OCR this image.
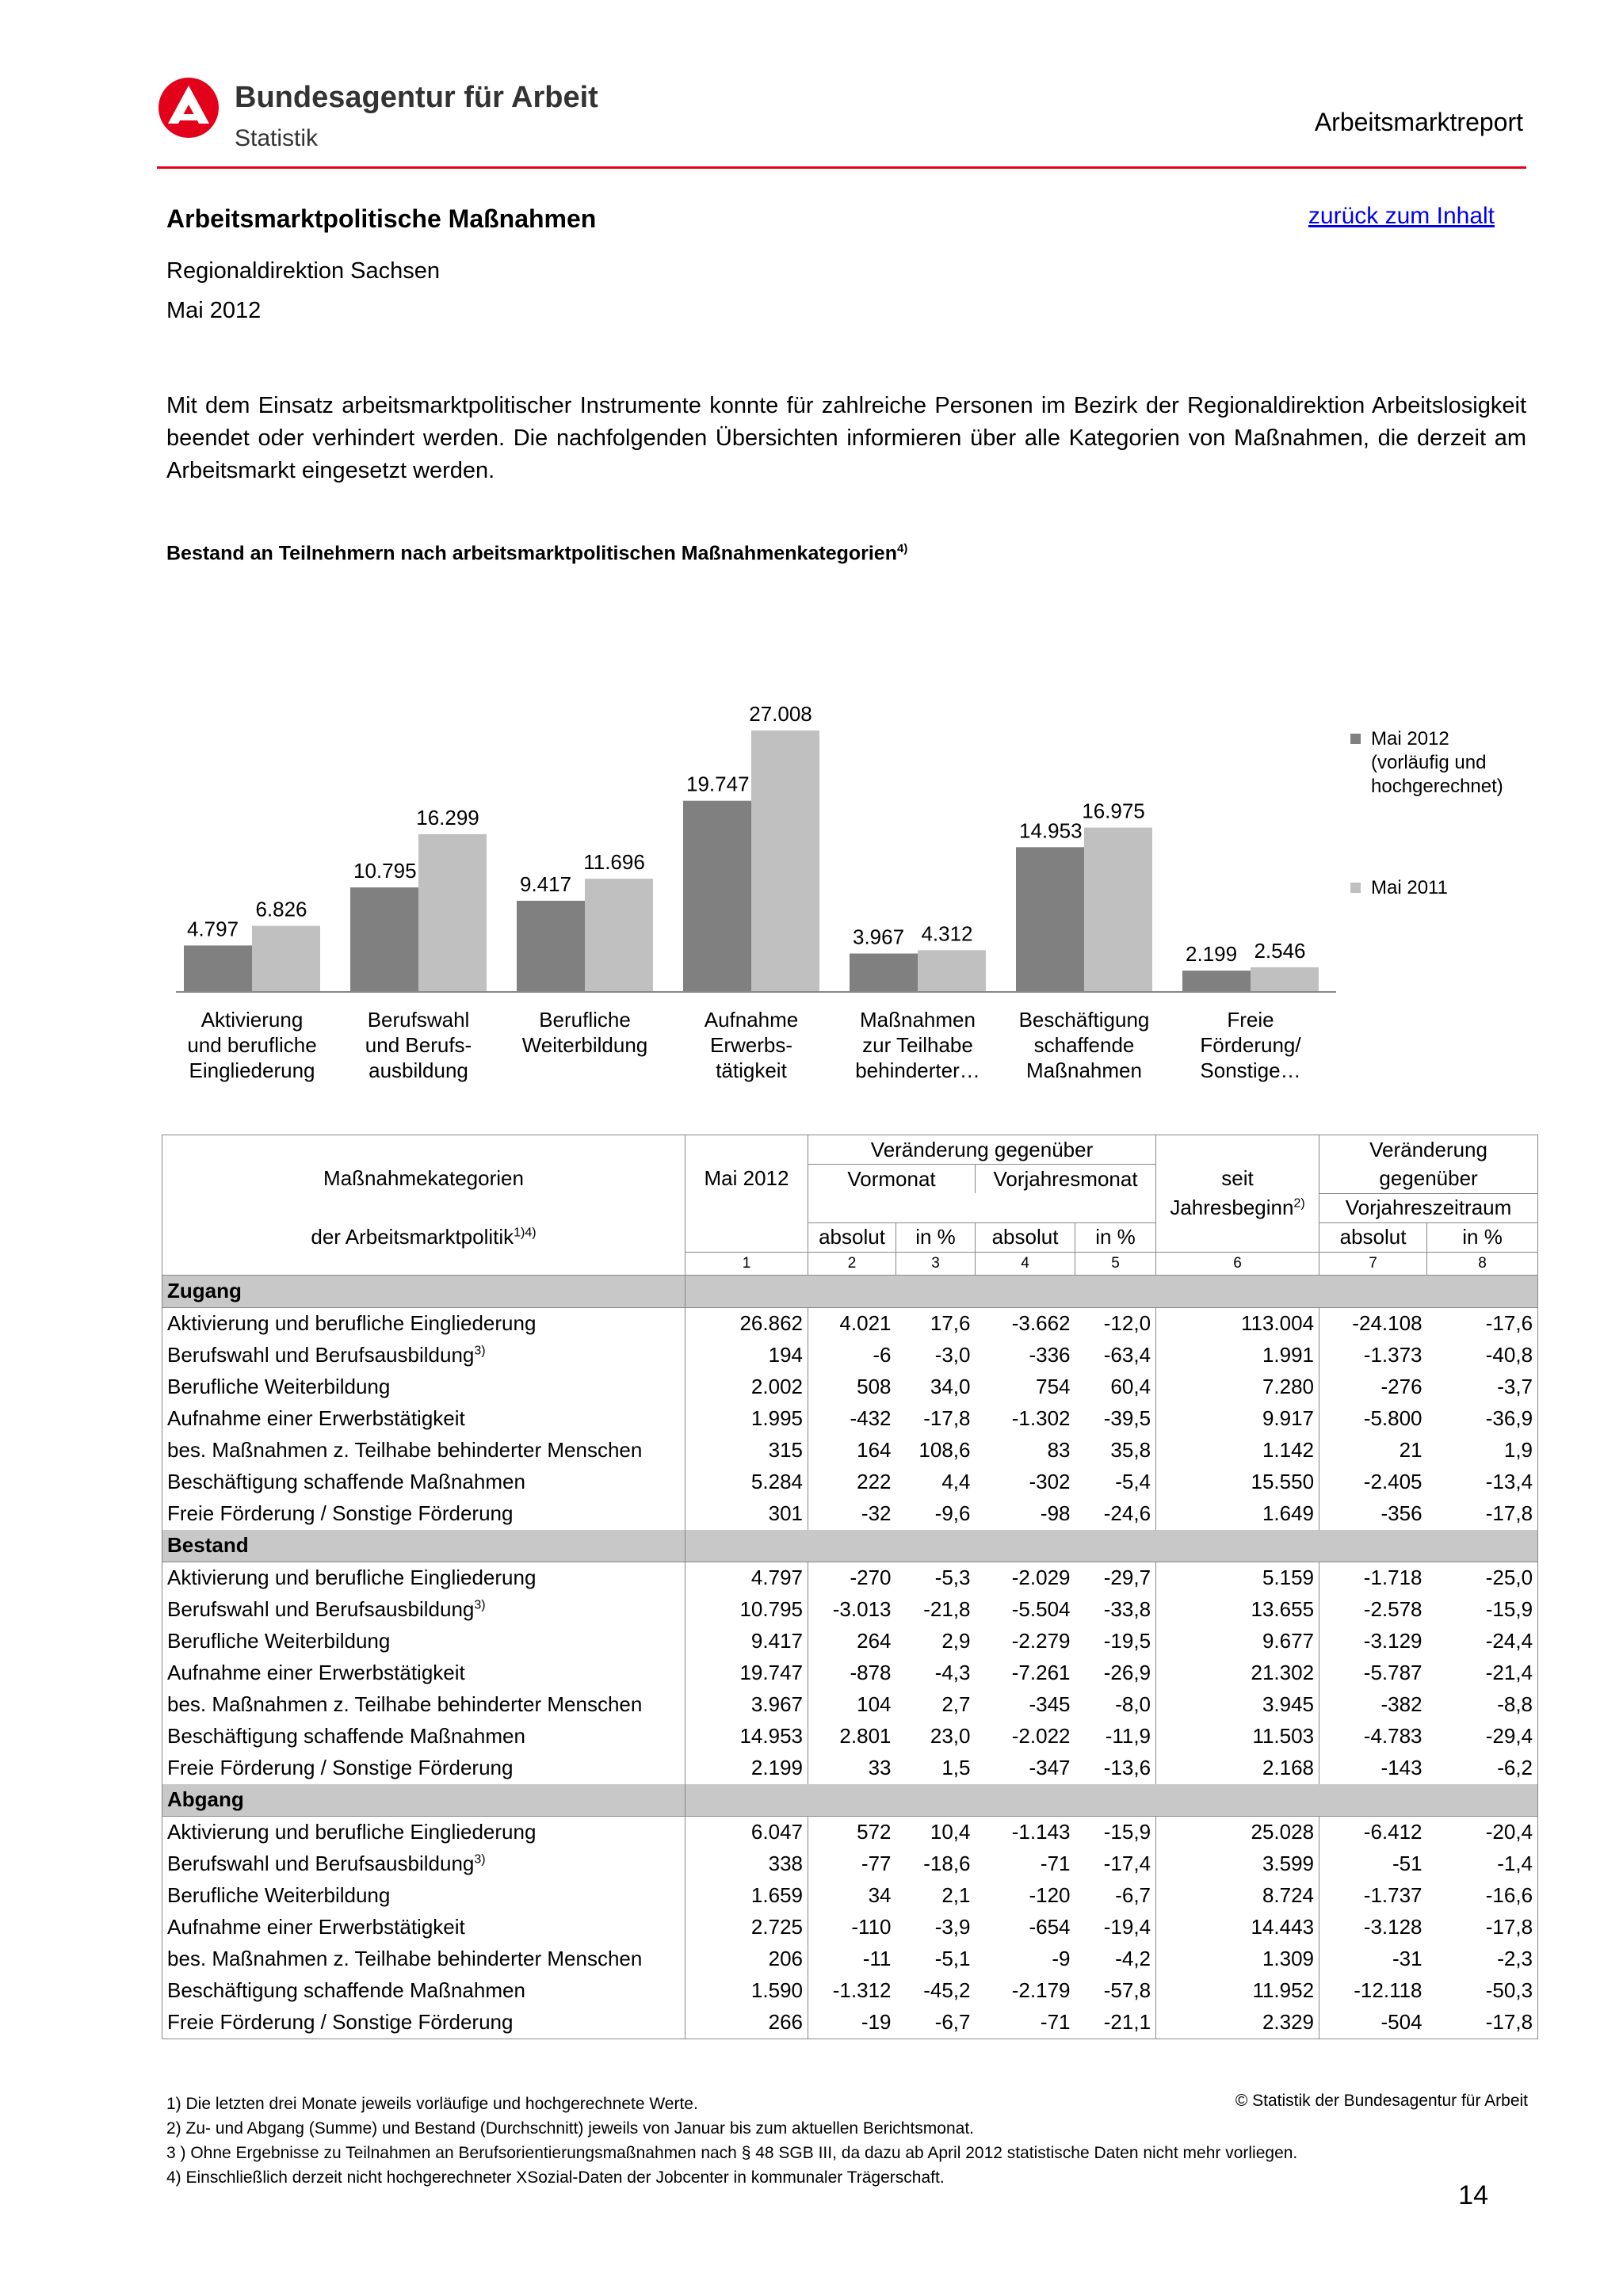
Bundesagentur für Arbeit
Statistik
Arbeitsmarktreport
Arbeitsmarktpolitische Maßnahmen	zurück zum Inhalt
Regionaldirektion Sachsen
Mai 2012
Mit dem Einsatz arbeitsmarktpolitischer Instrumente konnte für zahlreiche Personen im Bezirk der Regionaldirektion Arbeitslosigkeit beendet oder verhindert werden. Die nachfolgenden Übersichten informieren über alle Kategorien von Maßnahmen, die derzeit am Arbeitsmarkt eingesetzt werden.
Bestand an Teilnehmern nach arbeitsmarktpolitischen Maßnahmenkategorien$^{4)}$
4.797
10.795
9.417
19.747
3.967
14.953
2.199
6.826
16.299
11.696
27.008
4.312
16.975
2.546
Aktivierung
und berufliche
Eingliederung
Berufswahl
und Berufs-
ausbildung
Berufliche
Weiterbildung
Aufnahme
Erwerbs-
tätigkeit
Maßnahmen
zur Teilhabe
behinderter…
Beschäftigung
schaffende
Maßnahmen
Freie
Förderung/
Sonstige…
Mai 2012
(vorläufig und
hochgerechnet)
Mai 2011
		Veränderung gegenüber					Veränderung	
Maßnahmekategorien	Mai 2012	Vormonat		Vorjahresmonat		seit	gegenüber	
						Jahresbeginn$^{2)}$	Vorjahreszeitraum	
der Arbeitsmarktpolitik$^{1)4)}$		absolut	in %	absolut	in %		absolut	in %
	1	2	3	4	5	6	7	8
Zugang								
Aktivierung und berufliche Eingliederung	26.862	4.021	17,6	-3.662	-12,0	113.004	-24.108	-17,6
Berufswahl und Berufsausbildung$^{3)}$	194	-6	-3,0	-336	-63,4	1.991	-1.373	-40,8
Berufliche Weiterbildung	2.002	508	34,0	754	60,4	7.280	-276	-3,7
Aufnahme einer Erwerbstätigkeit	1.995	-432	-17,8	-1.302	-39,5	9.917	-5.800	-36,9
bes. Maßnahmen z. Teilhabe behinderter Menschen	315	164	108,6	83	35,8	1.142	21	1,9
Beschäftigung schaffende Maßnahmen	5.284	222	4,4	-302	-5,4	15.550	-2.405	-13,4
Freie Förderung / Sonstige Förderung	301	-32	-9,6	-98	-24,6	1.649	-356	-17,8
Bestand								
Aktivierung und berufliche Eingliederung	4.797	-270	-5,3	-2.029	-29,7	5.159	-1.718	-25,0
Berufswahl und Berufsausbildung$^{3)}$	10.795	-3.013	-21,8	-5.504	-33,8	13.655	-2.578	-15,9
Berufliche Weiterbildung	9.417	264	2,9	-2.279	-19,5	9.677	-3.129	-24,4
Aufnahme einer Erwerbstätigkeit	19.747	-878	-4,3	-7.261	-26,9	21.302	-5.787	-21,4
bes. Maßnahmen z. Teilhabe behinderter Menschen	3.967	104	2,7	-345	-8,0	3.945	-382	-8,8
Beschäftigung schaffende Maßnahmen	14.953	2.801	23,0	-2.022	-11,9	11.503	-4.783	-29,4
Freie Förderung / Sonstige Förderung	2.199	33	1,5	-347	-13,6	2.168	-143	-6,2
Abgang								
Aktivierung und berufliche Eingliederung	6.047	572	10,4	-1.143	-15,9	25.028	-6.412	-20,4
Berufswahl und Berufsausbildung$^{3)}$	338	-77	-18,6	-71	-17,4	3.599	-51	-1,4
Berufliche Weiterbildung	1.659	34	2,1	-120	-6,7	8.724	-1.737	-16,6
Aufnahme einer Erwerbstätigkeit	2.725	-110	-3,9	-654	-19,4	14.443	-3.128	-17,8
bes. Maßnahmen z. Teilhabe behinderter Menschen	206	-11	-5,1	-9	-4,2	1.309	-31	-2,3
Beschäftigung schaffende Maßnahmen	1.590	-1.312	-45,2	-2.179	-57,8	11.952	-12.118	-50,3
Freie Förderung / Sonstige Förderung	266	-19	-6,7	-71	-21,1	2.329	-504	-17,8
1) Die letzten drei Monate jeweils vorläufige und hochgerechnete Werte.
2) Zu- und Abgang (Summe) und Bestand (Durchschnitt) jeweils von Januar bis zum aktuellen Berichtsmonat.
3 ) Ohne Ergebnisse zu Teilnahmen an Berufsorientierungsmaßnahmen nach § 48 SGB III, da dazu ab April 2012 statistische Daten nicht mehr vorliegen.
4) Einschließlich derzeit nicht hochgerechneter XSozial-Daten der Jobcenter in kommunaler Trägerschaft.
© Statistik der Bundesagentur für Arbeit
14
